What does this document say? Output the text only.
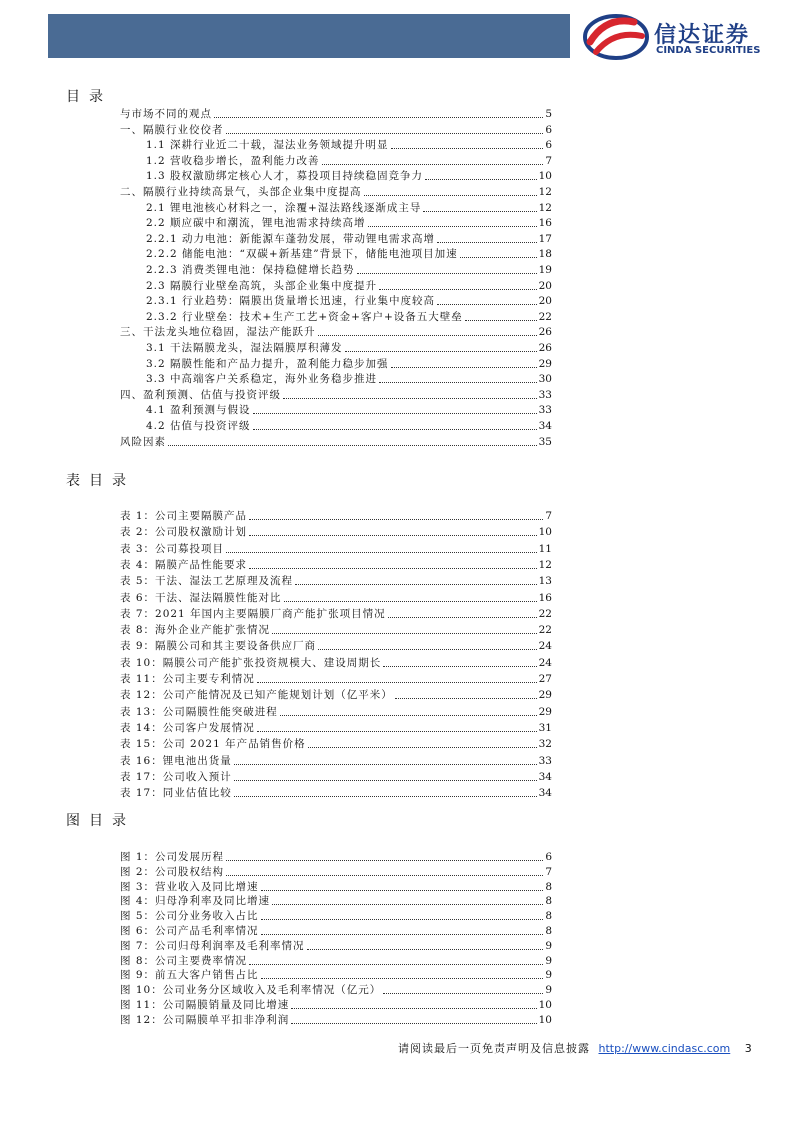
信达证券
CINDA SECURITIES
目录
与市场不同的观点	5
一、隔膜行业佼佼者	6
1.1 深耕行业近二十载，湿法业务领域提升明显	6
1.2 营收稳步增长，盈利能力改善	7
1.3 股权激励绑定核心人才，募投项目持续稳固竞争力	10
二、隔膜行业持续高景气，头部企业集中度提高	12
2.1 锂电池核心材料之一，涂覆+湿法路线逐渐成主导	12
2.2 顺应碳中和潮流，锂电池需求持续高增	16
2.2.1 动力电池：新能源车蓬勃发展，带动锂电需求高增	17
2.2.2 储能电池：“双碳+新基建”背景下，储能电池项目加速	18
2.2.3 消费类锂电池：保持稳健增长趋势	19
2.3 隔膜行业壁垒高筑，头部企业集中度提升	20
2.3.1 行业趋势：隔膜出货量增长迅速，行业集中度较高	20
2.3.2 行业壁垒：技术+生产工艺+资金+客户+设备五大壁垒	22
三、干法龙头地位稳固，湿法产能跃升	26
3.1 干法隔膜龙头，湿法隔膜厚积薄发	26
3.2 隔膜性能和产品力提升，盈利能力稳步加强	29
3.3 中高端客户关系稳定，海外业务稳步推进	30
四、盈利预测、估值与投资评级	33
4.1 盈利预测与假设	33
4.2 估值与投资评级	34
风险因素	35
表目录
表 1：公司主要隔膜产品	7
表 2：公司股权激励计划	10
表 3：公司募投项目	11
表 4：隔膜产品性能要求	12
表 5：干法、湿法工艺原理及流程	13
表 6：干法、湿法隔膜性能对比	16
表 7：2021 年国内主要隔膜厂商产能扩张项目情况	22
表 8：海外企业产能扩张情况	22
表 9：隔膜公司和其主要设备供应厂商	24
表 10：隔膜公司产能扩张投资规模大、建设周期长	24
表 11：公司主要专利情况	27
表 12：公司产能情况及已知产能规划计划（亿平米）	29
表 13：公司隔膜性能突破进程	29
表 14：公司客户发展情况	31
表 15：公司 2021 年产品销售价格	32
表 16：锂电池出货量	33
表 17：公司收入预计	34
表 17：同业估值比较	34
图目录
图 1：公司发展历程	6
图 2：公司股权结构	7
图 3：营业收入及同比增速	8
图 4：归母净利率及同比增速	8
图 5：公司分业务收入占比	8
图 6：公司产品毛利率情况	8
图 7：公司归母利润率及毛利率情况	9
图 8：公司主要费率情况	9
图 9：前五大客户销售占比	9
图 10：公司业务分区域收入及毛利率情况（亿元）	9
图 11：公司隔膜销量及同比增速	10
图 12：公司隔膜单平扣非净利润	10
请阅读最后一页免责声明及信息披露 http://www.cindasc.com 3
